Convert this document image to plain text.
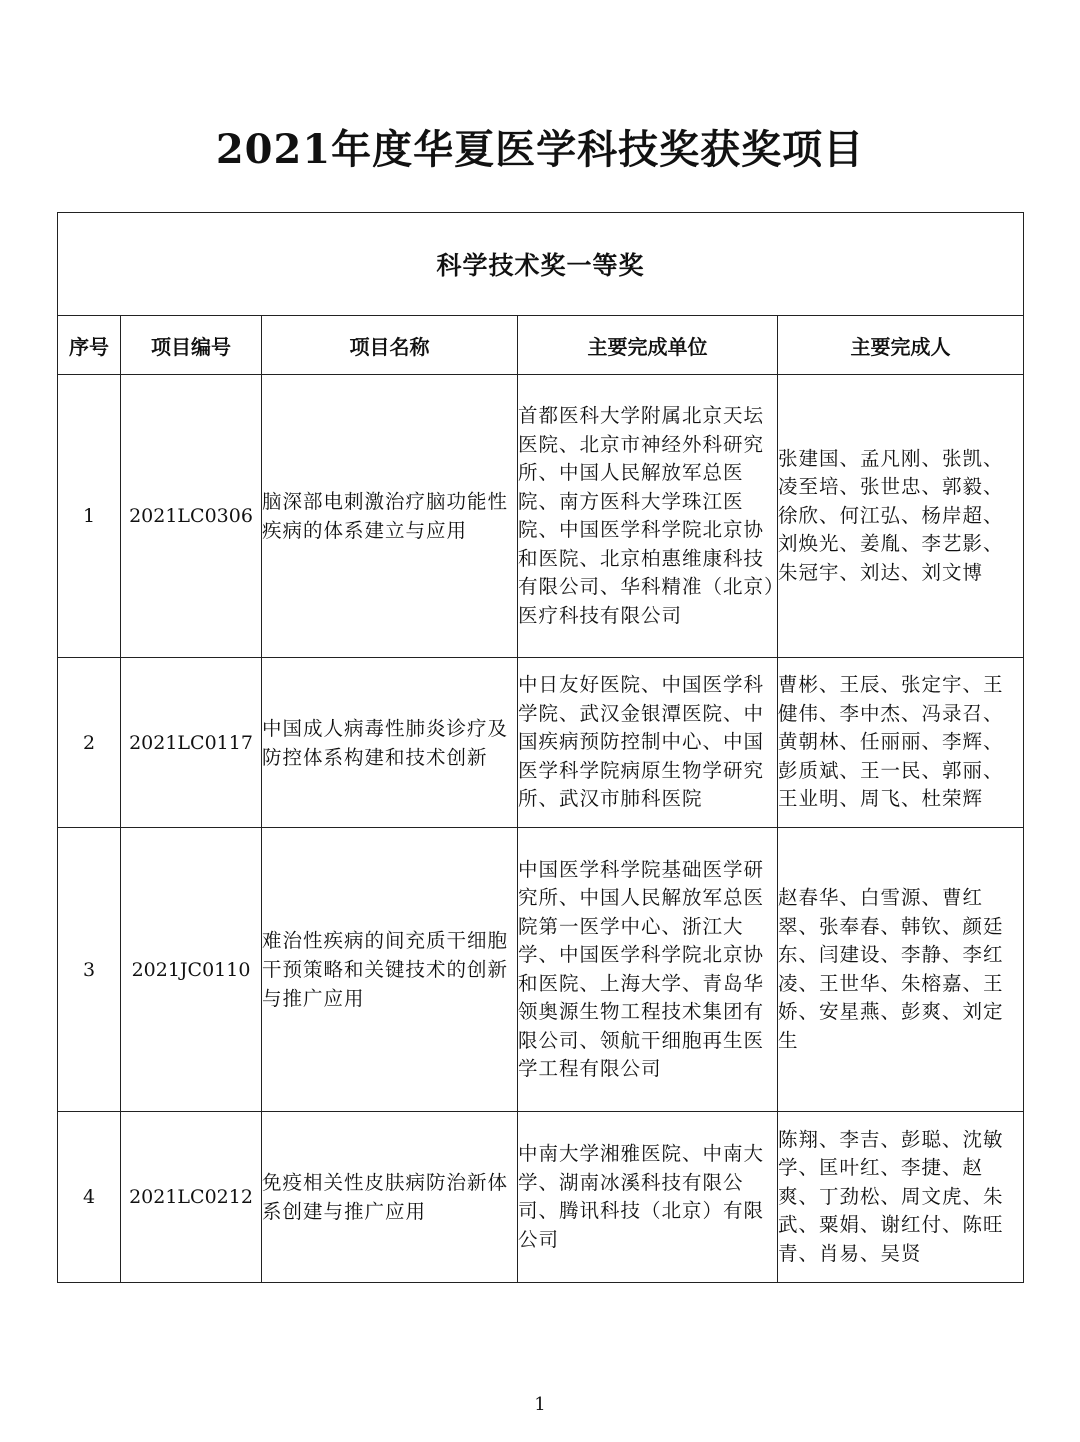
2021年度华夏医学科技奖获奖项目
科学技术奖一等奖				
序号	项目编号	项目名称	主要完成单位	主要完成人
1	2021LC0306	脑深部电刺激治疗脑功能性疾病的体系建立与应用	首都医科大学附属北京天坛医院、北京市神经外科研究所、中国人民解放军总医院、南方医科大学珠江医院、中国医学科学院北京协和医院、北京柏惠维康科技有限公司、华科精准（北京）医疗科技有限公司	张建国、孟凡刚、张凯、凌至培、张世忠、郭毅、徐欣、何江弘、杨岸超、刘焕光、姜胤、李艺影、朱冠宇、刘达、刘文博
2	2021LC0117	中国成人病毒性肺炎诊疗及防控体系构建和技术创新	中日友好医院、中国医学科学院、武汉金银潭医院、中国疾病预防控制中心、中国医学科学院病原生物学研究所、武汉市肺科医院	曹彬、王辰、张定宇、王健伟、李中杰、冯录召、黄朝林、任丽丽、李辉、彭质斌、王一民、郭丽、王业明、周飞、杜荣辉
3	2021JC0110	难治性疾病的间充质干细胞干预策略和关键技术的创新与推广应用	中国医学科学院基础医学研究所、中国人民解放军总医院第一医学中心、浙江大学、中国医学科学院北京协和医院、上海大学、青岛华领奥源生物工程技术集团有限公司、领航干细胞再生医学工程有限公司	赵春华、白雪源、曹红翠、张奉春、韩钦、颜廷东、闫建设、李静、李红凌、王世华、朱榕嘉、王娇、安星燕、彭爽、刘定生
4	2021LC0212	免疫相关性皮肤病防治新体系创建与推广应用	中南大学湘雅医院、中南大学、湖南冰溪科技有限公司、腾讯科技（北京）有限公司	陈翔、李吉、彭聪、沈敏学、匡叶红、李捷、赵爽、丁劲松、周文虎、朱武、粟娟、谢红付、陈旺青、肖易、吴贤
1
